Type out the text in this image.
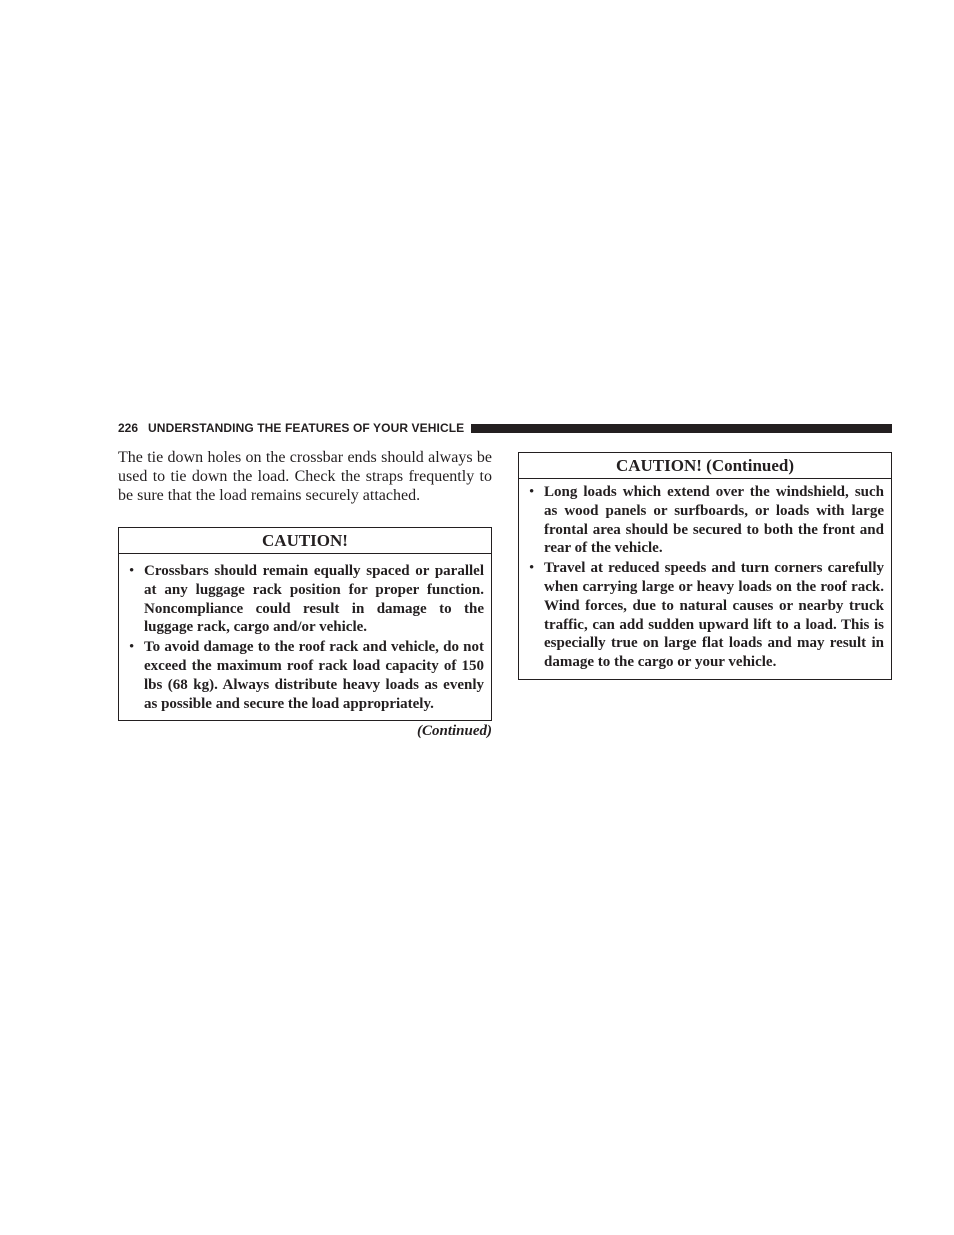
226 UNDERSTANDING THE FEATURES OF YOUR VEHICLE

The tie down holes on the crossbar ends should always be used to tie down the load. Check the straps frequently to be sure that the load remains securely attached.

CAUTION!
• Crossbars should remain equally spaced or parallel at any luggage rack position for proper function. Noncompliance could result in damage to the luggage rack, cargo and/or vehicle.
• To avoid damage to the roof rack and vehicle, do not exceed the maximum roof rack load capacity of 150 lbs (68 kg). Always distribute heavy loads as evenly as possible and secure the load appropriately.
(Continued)
CAUTION! (Continued)
• Long loads which extend over the windshield, such as wood panels or surfboards, or loads with large frontal area should be secured to both the front and rear of the vehicle.
• Travel at reduced speeds and turn corners carefully when carrying large or heavy loads on the roof rack. Wind forces, due to natural causes or nearby truck traffic, can add sudden upward lift to a load. This is especially true on large flat loads and may result in damage to the cargo or your vehicle.
